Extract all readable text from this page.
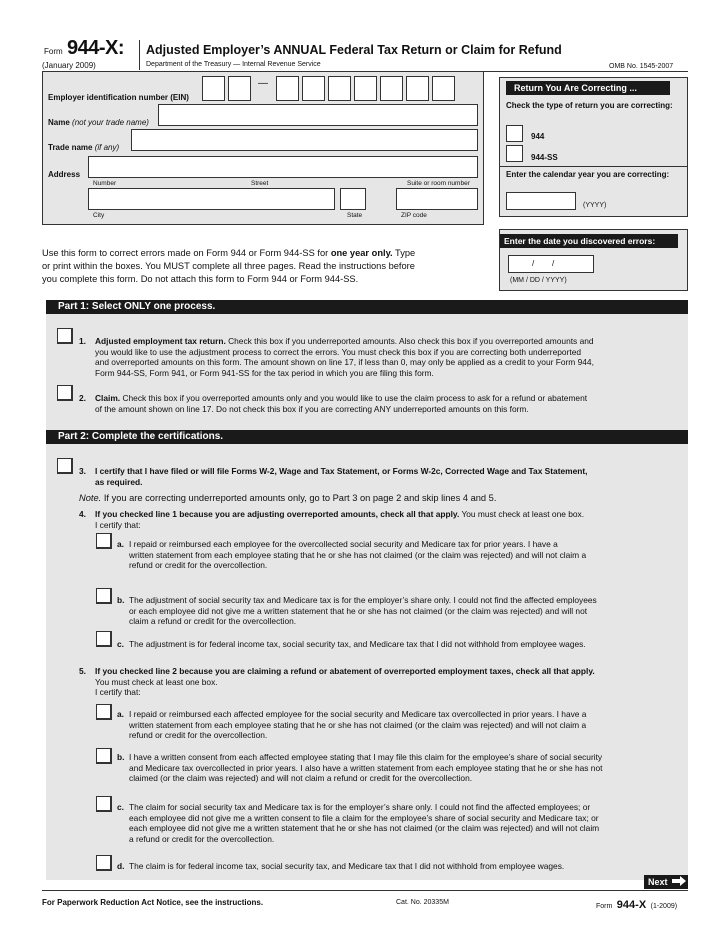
Form 944-X:
(January 2009)
Adjusted Employer’s ANNUAL Federal Tax Return or Claim for Refund
Department of the Treasury — Internal Revenue Service	OMB No. 1545-2007
Employer identification number (EIN)
—
Name (not your trade name)
Trade name (if any)
Address
Number	Street	Suite or room number
City	State	ZIP code
Return You Are Correcting ...
Check the type of return you are correcting:
944
944-SS
Enter the calendar year you are correcting:
(YYYY)
Enter the date you discovered errors:
/        /
(MM / DD / YYYY)
Use this form to correct errors made on Form 944 or Form 944-SS for one year only. Type
or print within the boxes. You MUST complete all three pages. Read the instructions before
you complete this form. Do not attach this form to Form 944 or Form 944-SS.
Part 1: Select ONLY one process.
1. Adjusted employment tax return. Check this box if you underreported amounts. Also check this box if you overreported amounts and
you would like to use the adjustment process to correct the errors. You must check this box if you are correcting both underreported
and overreported amounts on this form. The amount shown on line 17, if less than 0, may only be applied as a credit to your Form 944,
Form 944-SS, Form 941, or Form 941-SS for the tax period in which you are filing this form.
2. Claim. Check this box if you overreported amounts only and you would like to use the claim process to ask for a refund or abatement
of the amount shown on line 17. Do not check this box if you are correcting ANY underreported amounts on this form.
Part 2: Complete the certifications.
3. I certify that I have filed or will file Forms W-2, Wage and Tax Statement, or Forms W-2c, Corrected Wage and Tax Statement,
as required.
Note. If you are correcting underreported amounts only, go to Part 3 on page 2 and skip lines 4 and 5.
4. If you checked line 1 because you are adjusting overreported amounts, check all that apply. You must check at least one box.
I certify that:
a. I repaid or reimbursed each employee for the overcollected social security and Medicare tax for prior years. I have a
written statement from each employee stating that he or she has not claimed (or the claim was rejected) and will not claim a
refund or credit for the overcollection.
b. The adjustment of social security tax and Medicare tax is for the employer’s share only. I could not find the affected employees
or each employee did not give me a written statement that he or she has not claimed (or the claim was rejected) and will not
claim a refund or credit for the overcollection.
c. The adjustment is for federal income tax, social security tax, and Medicare tax that I did not withhold from employee wages.
5. If you checked line 2 because you are claiming a refund or abatement of overreported employment taxes, check all that apply.
You must check at least one box.
I certify that:
a. I repaid or reimbursed each affected employee for the social security and Medicare tax overcollected in prior years. I have a
written statement from each employee stating that he or she has not claimed (or the claim was rejected) and will not claim a
refund or credit for the overcollection.
b. I have a written consent from each affected employee stating that I may file this claim for the employee’s share of social security
and Medicare tax overcollected in prior years. I also have a written statement from each employee stating that he or she has not
claimed (or the claim was rejected) and will not claim a refund or credit for the overcollection.
c. The claim for social security tax and Medicare tax is for the employer’s share only. I could not find the affected employees; or
each employee did not give me a written consent to file a claim for the employee’s share of social security and Medicare tax; or
each employee did not give me a written statement that he or she has not claimed (or the claim was rejected) and will not claim
a refund or credit for the overcollection.
d. The claim is for federal income tax, social security tax, and Medicare tax that I did not withhold from employee wages.
Next
For Paperwork Reduction Act Notice, see the instructions.	Cat. No. 20335M
Form 944-X (1-2009)
